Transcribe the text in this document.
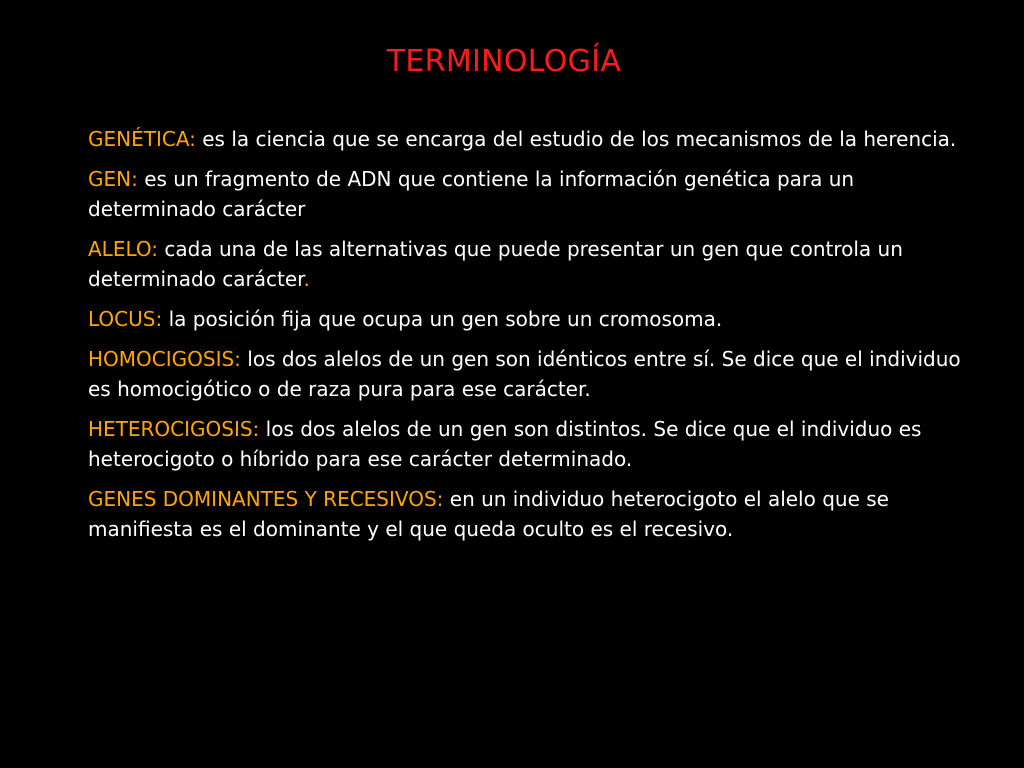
TERMINOLOGÍA

GENÉTICA: es la ciencia que se encarga del estudio de los mecanismos de la herencia.

GEN: es un fragmento de ADN que contiene la información genética para un determinado carácter

ALELO: cada una de las alternativas que puede presentar un gen que controla un determinado carácter.

LOCUS: la posición fija que ocupa un gen sobre un cromosoma.

HOMOCIGOSIS: los dos alelos de un gen son idénticos entre sí. Se dice que el individuo es homocigótico o de raza pura para ese carácter.

HETEROCIGOSIS: los dos alelos de un gen son distintos. Se dice que el individuo es heterocigoto o híbrido para ese carácter determinado.

GENES DOMINANTES Y RECESIVOS: en un individuo heterocigoto el alelo que se manifiesta es el dominante y el que queda oculto es el recesivo.
